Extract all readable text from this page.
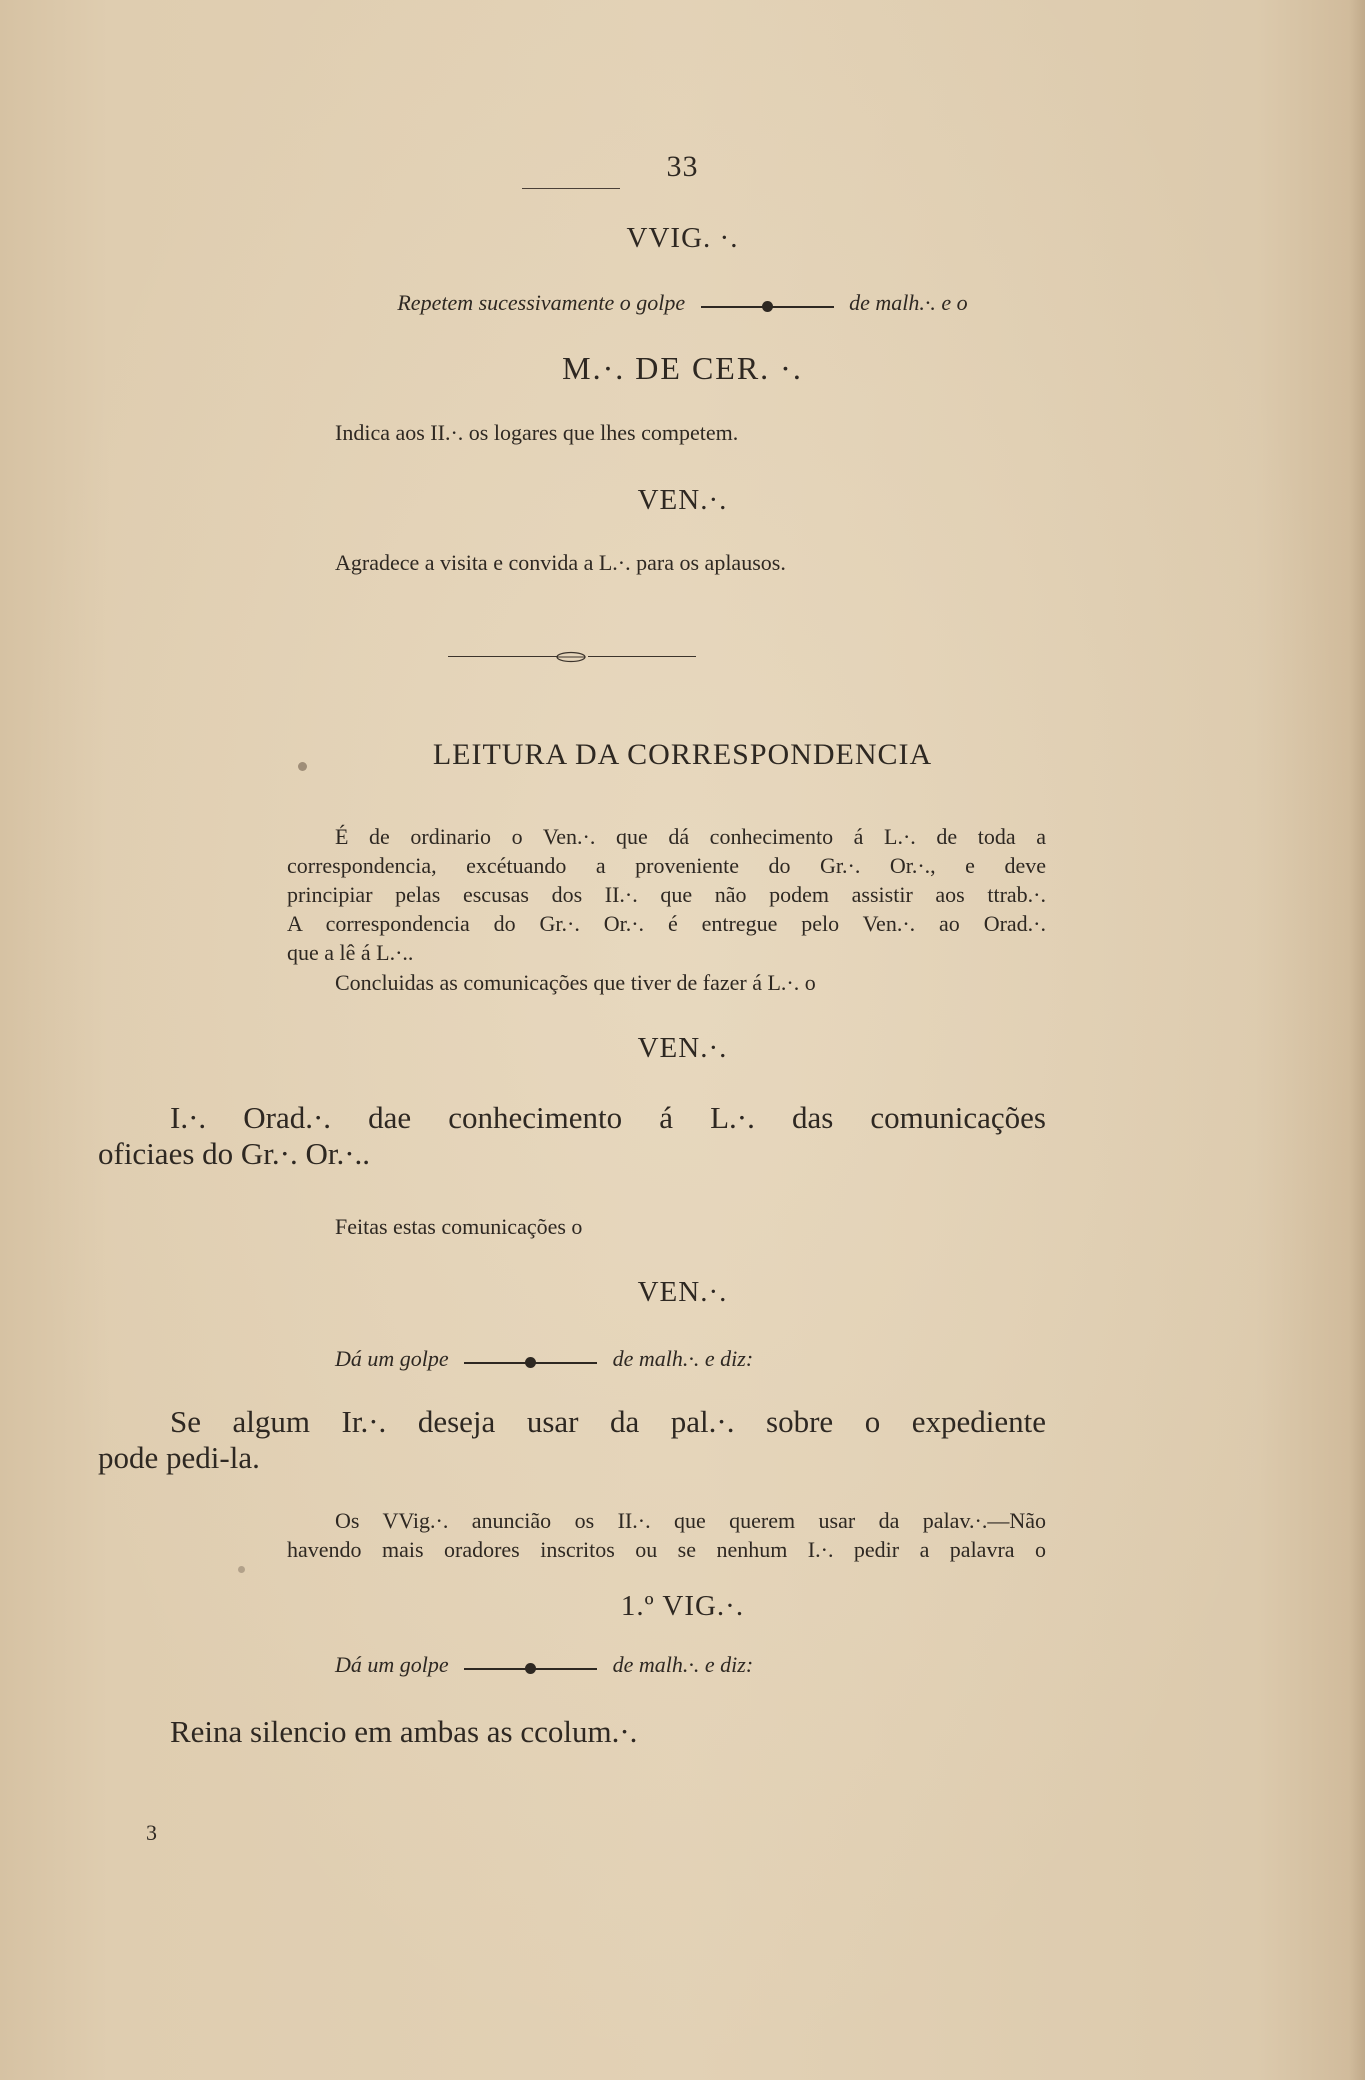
33
VVIG. ·.
Repetem sucessivamente o golpe	de malh.·. e o
M.·. DE CER. ·.
Indica aos II.·. os logares que lhes competem.
VEN.·.
Agradece a visita e convida a L.·. para os aplausos.
LEITURA DA CORRESPONDENCIA
É de ordinario o Ven.·. que dá conhecimento á L.·. de toda a
correspondencia, excétuando a proveniente do Gr.·. Or.·., e deve
principiar pelas escusas dos II.·. que não podem assistir aos ttrab.·.
A correspondencia do Gr.·. Or.·. é entregue pelo Ven.·. ao Orad.·.
que a lê á L.·..
Concluidas as comunicações que tiver de fazer á L.·. o
VEN.·.
I.·. Orad.·. dae conhecimento á L.·. das comunicações
oficiaes do Gr.·. Or.·..
Feitas estas comunicações o
VEN.·.
Dá um golpe	de malh.·. e diz:
Se algum Ir.·. deseja usar da pal.·. sobre o expediente
pode pedi-la.
Os VVig.·. anuncião os II.·. que querem usar da palav.·.—Não
havendo mais oradores inscritos ou se nenhum I.·. pedir a palavra o
1.º VIG.·.
Dá um golpe	de malh.·. e diz:
Reina silencio em ambas as ccolum.·.
3
